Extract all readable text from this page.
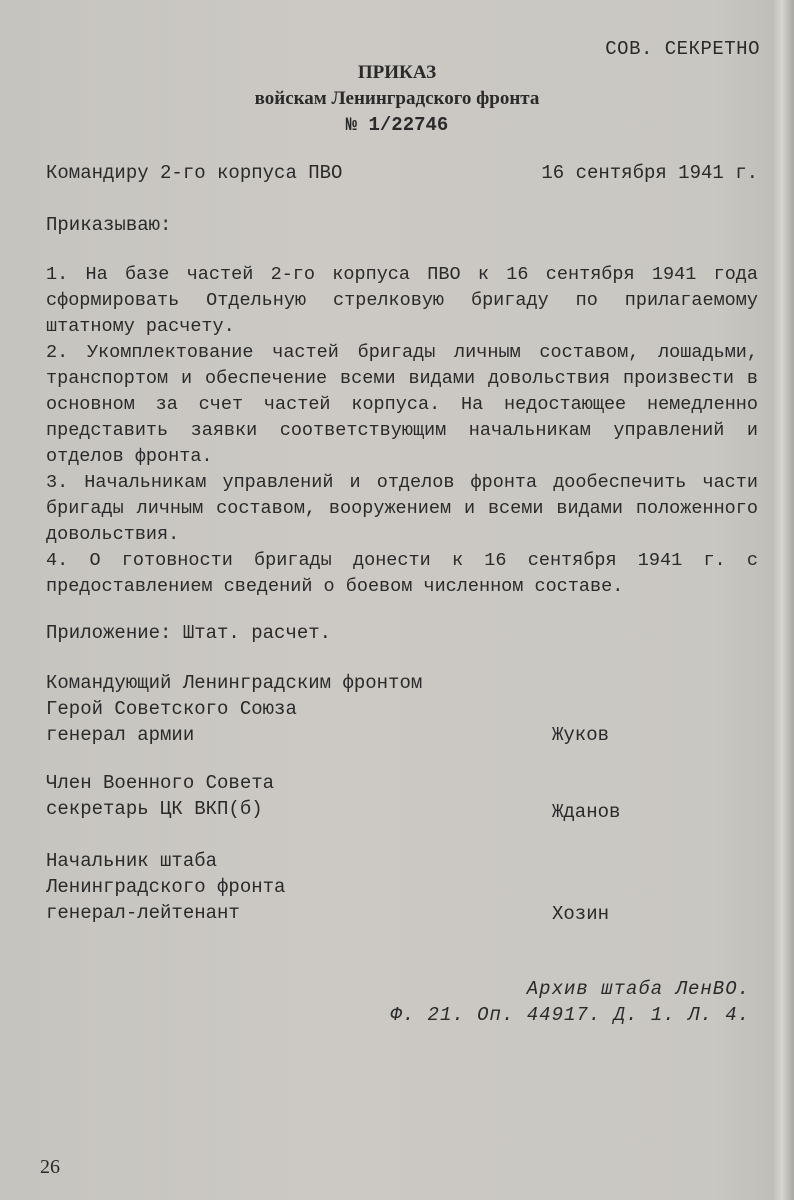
СОВ. СЕКРЕТНО
ПРИКАЗ
войскам Ленинградского фронта
№ 1/22746
Командиру 2-го корпуса ПВО	16 сентября 1941 г.
Приказываю:

1. На базе частей 2-го корпуса ПВО к 16 сентября 1941 года сформировать Отдельную стрелковую бригаду по прилагаемому штатному расчету.

2. Укомплектование частей бригады личным составом, лошадьми, транспортом и обеспечение всеми видами довольствия произвести в основном за счет частей корпуса. На недостающее немедленно представить заявки соответствующим начальникам управлений и отделов фронта.

3. Начальникам управлений и отделов фронта дообеспечить части бригады личным составом, вооружением и всеми видами положенного довольствия.

4. О готовности бригады донести к 16 сентября 1941 г. с предоставлением сведений о боевом численном составе.

Приложение: Штат. расчет.
Командующий Ленинградским фронтом
Герой Советского Союза
генерал армии	Жуков
Член Военного Совета
секретарь ЦК ВКП(б)	Жданов
Начальник штаба
Ленинградского фронта
генерал-лейтенант	Хозин
Архив штаба ЛенВО.
Ф. 21. Оп. 44917. Д. 1. Л. 4.
26
